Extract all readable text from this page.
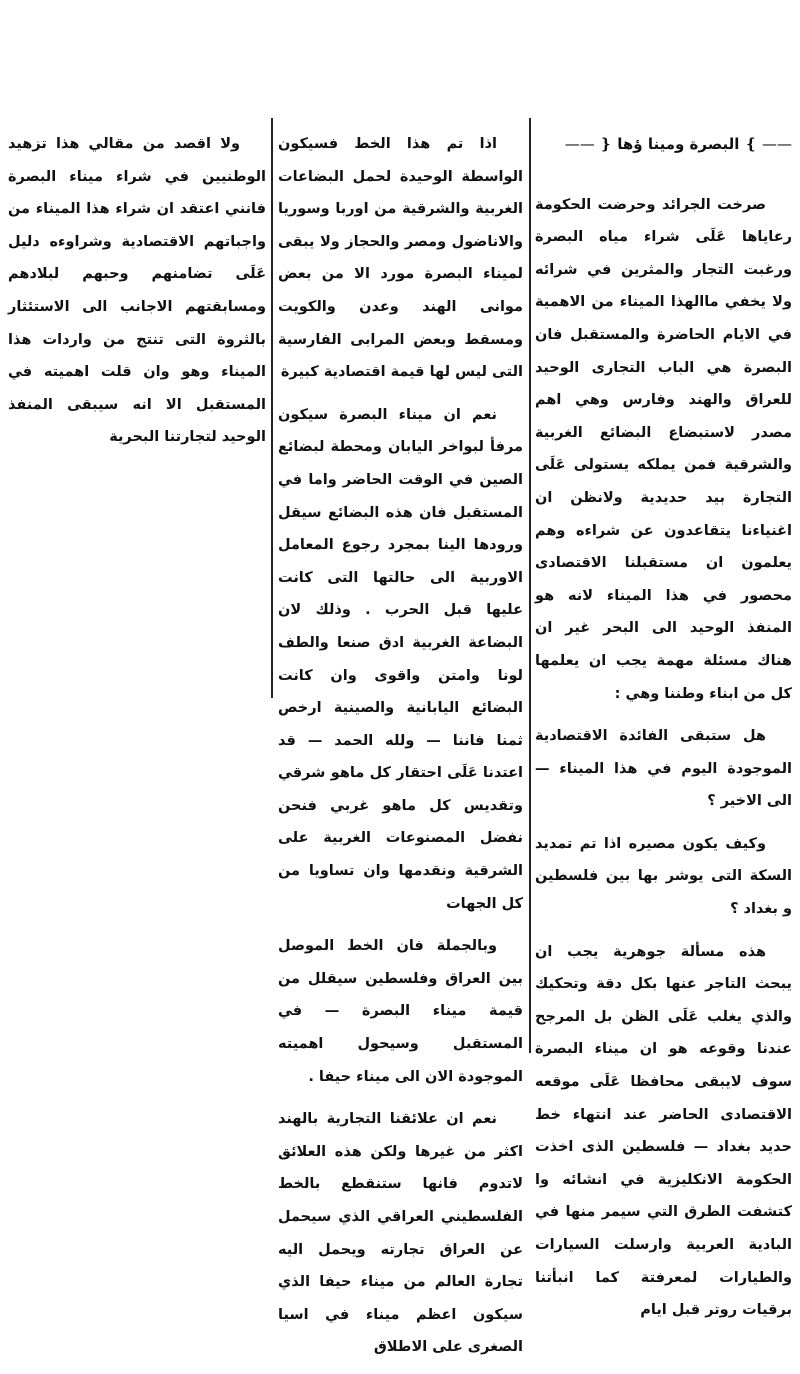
—— ❵ البصرة ومينا ؤها ❴ ——

صرخت الجرائد وحرضت الحكومة رعاياها عَلَى شراء مياه البصرة ورغبت التجار والمثرين في شرائه ولا يخفي ماالهذا الميناء من الاهمية في الايام الحاضرة والمستقبل فان البصرة هي الباب التجارى الوحيد للعراق والهند وفارس وهي اهم مصدر لاستبضاع البضائع الغربية والشرقية فمن يملكه يستولى عَلَى التجارة بيد حديدية ولانظن ان اغنياءنا يتقاعدون عن شراءه وهم يعلمون ان مستقبلنا الاقتصادى محصور في هذا الميناء لانه هو المنفذ الوحيد الى البحر غير ان هناك مسئلة مهمة يجب ان يعلمها كل من ابناء وطننا وهي :

هل ستبقى الفائدة الاقتصادية الموجودة اليوم في هذا الميناء — الى الاخير ؟

وكيف يكون مصيره اذا تم تمديد السكة التى يوشر بها بين فلسطين و بغداد ؟

هذه مسألة جوهرية يجب ان يبحث التاجر عنها بكل دقة وتحكيك والذي يغلب عَلَى الظن بل المرجح عندنا وقوعه هو ان ميناء البصرة سوف لايبقى محافظا عَلَى موقعه الاقتصادى الحاضر عند انتهاء خط حديد بغداد — فلسطين الذى اخذت الحكومة الانكليزية في انشائه وا كتشفت الطرق التي سيمر منها في البادية العربية وارسلت السيارات والطيارات لمعرفتة كما انبأتنا برقيات روتر قبل ايام

اذا تم هذا الخط فسيكون الواسطة الوحيدة لحمل البضاعات الغربية والشرقية من اوربا وسوريا والاناضول ومصر والحجاز ولا يبقى لميناء البصرة مورد الا من بعض موانى الهند وعدن والكويت ومسقط وبعض المرابى الفارسية التى ليس لها قيمة اقتصادية كبيرة

نعم ان ميناء البصرة سيكون مرفأ لبواخر اليابان ومحطة لبضائع الصين في الوقت الحاضر واما في المستقبل فان هذه البضائع سيقل ورودها الينا بمجرد رجوع المعامل الاوربية الى حالتها التى كانت عليها قبل الحرب . وذلك لان البضاعة الغربية ادق صنعا والطف لونا وامتن واقوى وان كانت البضائع اليابانية والصينية ارخص ثمنا فاننا — ولله الحمد — قد اعتدنا عَلَى احتقار كل ماهو شرقي وتقديس كل ماهو غربي فنحن نفضل المصنوعات الغربية على الشرقية ونقدمها وان تساويا من كل الجهات

وبالجملة فان الخط الموصل بين العراق وفلسطين سيقلل من قيمة ميناء البصرة — في المستقبل وسيحول اهميته الموجودة الان الى ميناء حيفا .

نعم ان علائقنا التجارية بالهند اكثر من غيرها ولكن هذه العلائق لاتدوم فانها ستنقطع بالخط الفلسطيني العراقي الذي سيحمل عن العراق تجارته ويحمل اليه تجارة العالم من ميناء حيفا الذي سيكون اعظم ميناء في اسيا الصغرى على الاطلاق

ولا اقصد من مقالي هذا تزهيد الوطنيين في شراء ميناء البصرة فانني اعتقد ان شراء هذا الميناء من واجباتهم الاقتصادية وشراوءه دليل عَلَى تضامنهم وحبهم لبلادهم ومسابقتهم الاجانب الى الاستئثار بالثروة التى تنتج من واردات هذا الميناء وهو وان قلت اهميته في المستقبل الا انه سيبقى المنفذ الوحيد لتجارتنا البحرية
